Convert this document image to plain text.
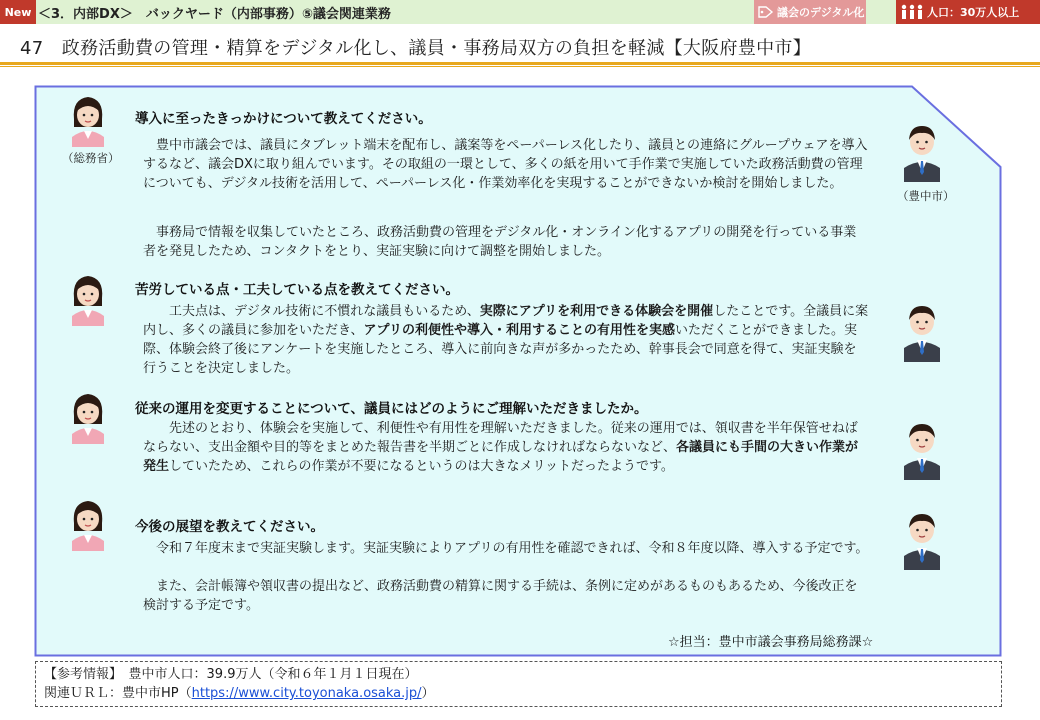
New ＜3．内部DX＞　バックヤード（内部事務）⑤議会関連業務	議会のデジタル化	人口：30万人以上
47　政務活動費の管理・精算をデジタル化し、議員・事務局双方の負担を軽減【大阪府豊中市】
（総務省）
（豊中市）
導入に至ったきっかけについて教えてください。
豊中市議会では、議員にタブレット端末を配布し、議案等をペーパーレス化したり、議員との連絡にグループウェアを導入するなど、議会DXに取り組んでいます。その取組の一環として、多くの紙を用いて手作業で実施していた政務活動費の管理についても、デジタル技術を活用して、ペーパーレス化・作業効率化を実現することができないか検討を開始しました。
事務局で情報を収集していたところ、政務活動費の管理をデジタル化・オンライン化するアプリの開発を行っている事業者を発見したため、コンタクトをとり、実証実験に向けて調整を開始しました。
苦労している点・工夫している点を教えてください。
工夫点は、デジタル技術に不慣れな議員もいるため、実際にアプリを利用できる体験会を開催したことです。全議員に案内し、多くの議員に参加をいただき、アプリの利便性や導入・利用することの有用性を実感いただくことができました。実際、体験会終了後にアンケートを実施したところ、導入に前向きな声が多かったため、幹事長会で同意を得て、実証実験を行うことを決定しました。
従来の運用を変更することについて、議員にはどのようにご理解いただきましたか。
先述のとおり、体験会を実施して、利便性や有用性を理解いただきました。従来の運用では、領収書を半年保管せねばならない、支出金額や目的等をまとめた報告書を半期ごとに作成しなければならないなど、各議員にも手間の大きい作業が発生していたため、これらの作業が不要になるというのは大きなメリットだったようです。
今後の展望を教えてください。
令和７年度末まで実証実験します。実証実験によりアプリの有用性を確認できれば、令和８年度以降、導入する予定です。
また、会計帳簿や領収書の提出など、政務活動費の精算に関する手続は、条例に定めがあるものもあるため、今後改正を検討する予定です。
☆担当：豊中市議会事務局総務課☆
【参考情報】　 豊中市人口：39.9万人（令和６年１月１日現在）
関連ＵＲＬ：豊中市HP（https://www.city.toyonaka.osaka.jp/）
